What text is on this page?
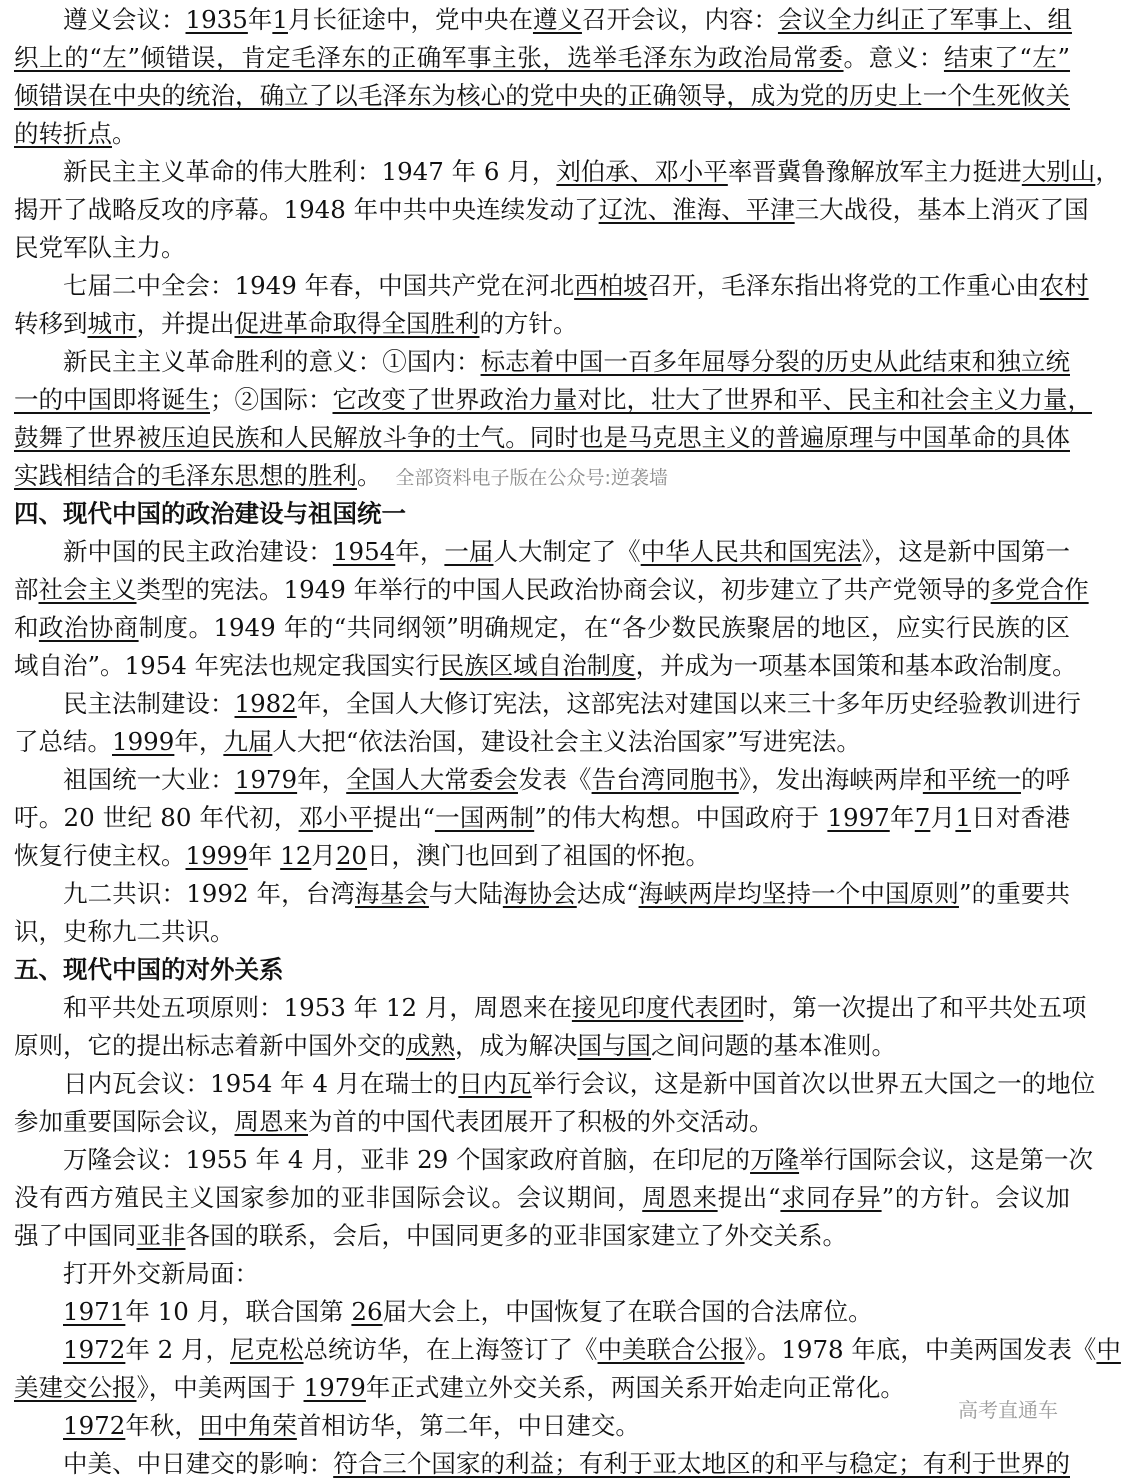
遵义会议：1935年1月长征途中，党中央在遵义召开会议，内容：会议全力纠正了军事上、组
织上的“左”倾错误，肯定毛泽东的正确军事主张，选举毛泽东为政治局常委。意义：结束了“左”
倾错误在中央的统治，确立了以毛泽东为核心的党中央的正确领导，成为党的历史上一个生死攸关
的转折点。
新民主主义革命的伟大胜利：1947 年 6 月，刘伯承、邓小平率晋冀鲁豫解放军主力挺进大别山，
揭开了战略反攻的序幕。1948 年中共中央连续发动了辽沈、淮海、平津三大战役，基本上消灭了国
民党军队主力。
七届二中全会：1949 年春，中国共产党在河北西柏坡召开，毛泽东指出将党的工作重心由农村
转移到城市，并提出促进革命取得全国胜利的方针。
新民主主义革命胜利的意义：①国内：标志着中国一百多年屈辱分裂的历史从此结束和独立统
一的中国即将诞生；②国际：它改变了世界政治力量对比，壮大了世界和平、民主和社会主义力量，
鼓舞了世界被压迫民族和人民解放斗争的士气。同时也是马克思主义的普遍原理与中国革命的具体
实践相结合的毛泽东思想的胜利。 全部资料电子版在公众号:逆袭墙
四、现代中国的政治建设与祖国统一
新中国的民主政治建设：1954年，一届人大制定了《中华人民共和国宪法》，这是新中国第一
部社会主义类型的宪法。1949 年举行的中国人民政治协商会议，初步建立了共产党领导的多党合作
和政治协商制度。1949 年的“共同纲领”明确规定，在“各少数民族聚居的地区，应实行民族的区
域自治”。1954 年宪法也规定我国实行民族区域自治制度，并成为一项基本国策和基本政治制度。
民主法制建设：1982年，全国人大修订宪法，这部宪法对建国以来三十多年历史经验教训进行
了总结。1999年，九届人大把“依法治国，建设社会主义法治国家”写进宪法。
祖国统一大业：1979年，全国人大常委会发表《告台湾同胞书》，发出海峡两岸和平统一的呼
吁。20 世纪 80 年代初，邓小平提出“一国两制”的伟大构想。中国政府于 1997年7月1日对香港
恢复行使主权。1999年 12月20日，澳门也回到了祖国的怀抱。
九二共识：1992 年，台湾海基会与大陆海协会达成“海峡两岸均坚持一个中国原则”的重要共
识，史称九二共识。
五、现代中国的对外关系
和平共处五项原则：1953 年 12 月，周恩来在接见印度代表团时，第一次提出了和平共处五项
原则，它的提出标志着新中国外交的成熟，成为解决国与国之间问题的基本准则。
日内瓦会议：1954 年 4 月在瑞士的日内瓦举行会议，这是新中国首次以世界五大国之一的地位
参加重要国际会议，周恩来为首的中国代表团展开了积极的外交活动。
万隆会议：1955 年 4 月，亚非 29 个国家政府首脑，在印尼的万隆举行国际会议，这是第一次
没有西方殖民主义国家参加的亚非国际会议。会议期间，周恩来提出“求同存异”的方针。会议加
强了中国同亚非各国的联系，会后，中国同更多的亚非国家建立了外交关系。
打开外交新局面：
1971年 10 月，联合国第 26届大会上，中国恢复了在联合国的合法席位。
1972年 2 月，尼克松总统访华，在上海签订了《中美联合公报》。1978 年底，中美两国发表《中
美建交公报》，中美两国于 1979年正式建立外交关系，两国关系开始走向正常化。
1972年秋，田中角荣首相访华，第二年，中日建交。
中美、中日建交的影响：符合三个国家的利益；有利于亚太地区的和平与稳定；有利于世界的
高考直通车
